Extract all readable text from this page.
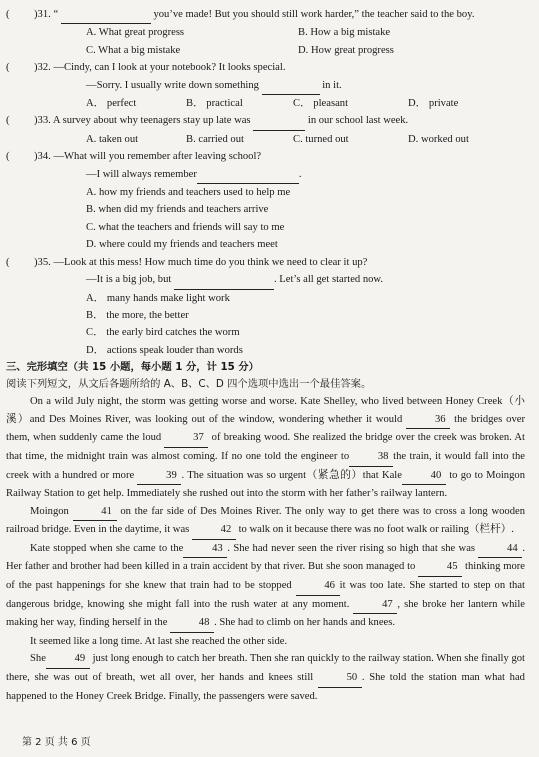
( )31. “	you’ve made! But you should still work harder,” the teacher said to the boy.
A. What great progress	B. How a big mistake
C. What a big mistake	D. How great progress
( )32. —Cindy, can I look at your notebook? It looks special.
—Sorry. I usually write down something	in it.
A． perfect	B． practical	C． pleasant	D． private
( )33. A survey about why teenagers stay up late was	in our school last week.
A. taken out	B. carried out	C. turned out	D. worked out
( )34. —What will you remember after leaving school?
—I will always remember	.
A. how my friends and teachers used to help me
B. when did my friends and teachers arrive
C. what the teachers and friends will say to me
D. where could my friends and teachers meet
( )35. —Look at this mess! How much time do you think we need to clear it up?
—It is a big job, but	. Let’s all get started now.
A． many hands make light work
B． the more, the better
C． the early bird catches the worm
D． actions speak louder than words
三、完形填空（共 15 小题，每小题 1 分，计 15 分）
阅读下列短文，从文后各题所给的 A、B、C、D 四个选项中选出一个最佳答案。
On a wild July night, the storm was getting worse and worse. Kate Shelley, who lived between Honey Creek（小溪）and Des Moines River, was looking out of the window, wondering whether it would	36 the bridges over them, when suddenly came the loud	37 of breaking wood. She realized the bridge over the creek was broken. At that time, the midnight train was almost coming. If no one told the engineer to	38 the train, it would fall into the creek with a hundred or more	39 . The situation was so urgent（紧急的）that Kale	40 to go to Moingon Railway Station to get help. Immediately she rushed out into the storm with her father’s railway lantern.
Moingon	41 on the far side of Des Moines River. The only way to get there was to cross a long wooden railroad bridge. Even in the daytime, it was	42 to walk on it because there was no foot walk or railing（栏杆）.
Kate stopped when she came to the	43 . She had never seen the river rising so high that she was	44 . Her father and brother had been killed in a train accident by that river. But she soon managed to	45 thinking more of the past happenings for she knew that train had to be stopped	46 it was too late. She started to step on that dangerous bridge, knowing she might fall into the rush water at any moment.	47 , she broke her lantern while making her way, finding herself in the	48 . She had to climb on her hands and knees.
It seemed like a long time. At last she reached the other side.
She	49 just long enough to catch her breath. Then she ran quickly to the railway station. When she finally got there, she was out of breath, wet all over, her hands and knees still	50 . She told the station man what had happened to the Honey Creek Bridge. Finally, the passengers were saved.
第 2 页 共 6 页
